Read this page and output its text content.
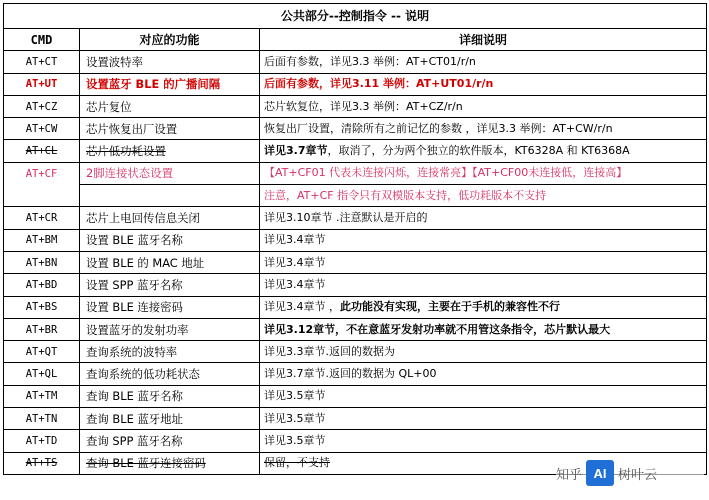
公共部分--控制指令 -- 说明		
CMD	对应的功能	详细说明
AT+CT	设置波特率	后面有参数，详见3.3 举例：AT+CT01/r/n
AT+UT	设置蓝牙 BLE 的广播间隔	后面有参数，详见3.11 举例：AT+UT01/r/n
AT+CZ	芯片复位	芯片软复位，详见3.3 举例：AT+CZ/r/n
AT+CW	芯片恢复出厂设置	恢复出厂设置，清除所有之前记忆的参数 ，详见3.3 举例：AT+CW/r/n
AT+CL	芯片低功耗设置	详见3.7章节，取消了，分为两个独立的软件版本，KT6328A 和 KT6368A
AT+CF	2脚连接状态设置	【AT+CF01 代表未连接闪烁，连接常亮】【AT+CF00未连接低，连接高】
		注意，AT+CF 指令只有双模版本支持，低功耗版本不支持
AT+CR	芯片上电回传信息关闭	详见3.10章节 .注意默认是开启的
AT+BM	设置 BLE 蓝牙名称	详见3.4章节
AT+BN	设置 BLE 的 MAC 地址	详见3.4章节
AT+BD	设置 SPP 蓝牙名称	详见3.4章节
AT+BS	设置 BLE 连接密码	详见3.4章节 ，此功能没有实现，主要在于手机的兼容性不行
AT+BR	设置蓝牙的发射功率	详见3.12章节，不在意蓝牙发射功率就不用管这条指令，芯片默认最大
AT+QT	查询系统的波特率	详见3.3章节.返回的数据为
AT+QL	查询系统的低功耗状态	详见3.7章节.返回的数据为 QL+00
AT+TM	查询 BLE 蓝牙名称	详见3.5章节
AT+TN	查询 BLE 蓝牙地址	详见3.5章节
AT+TD	查询 SPP 蓝牙名称	详见3.5章节
AT+TS	查询 BLE 蓝牙连接密码	保留，不支持
知乎 AI 树叶云
